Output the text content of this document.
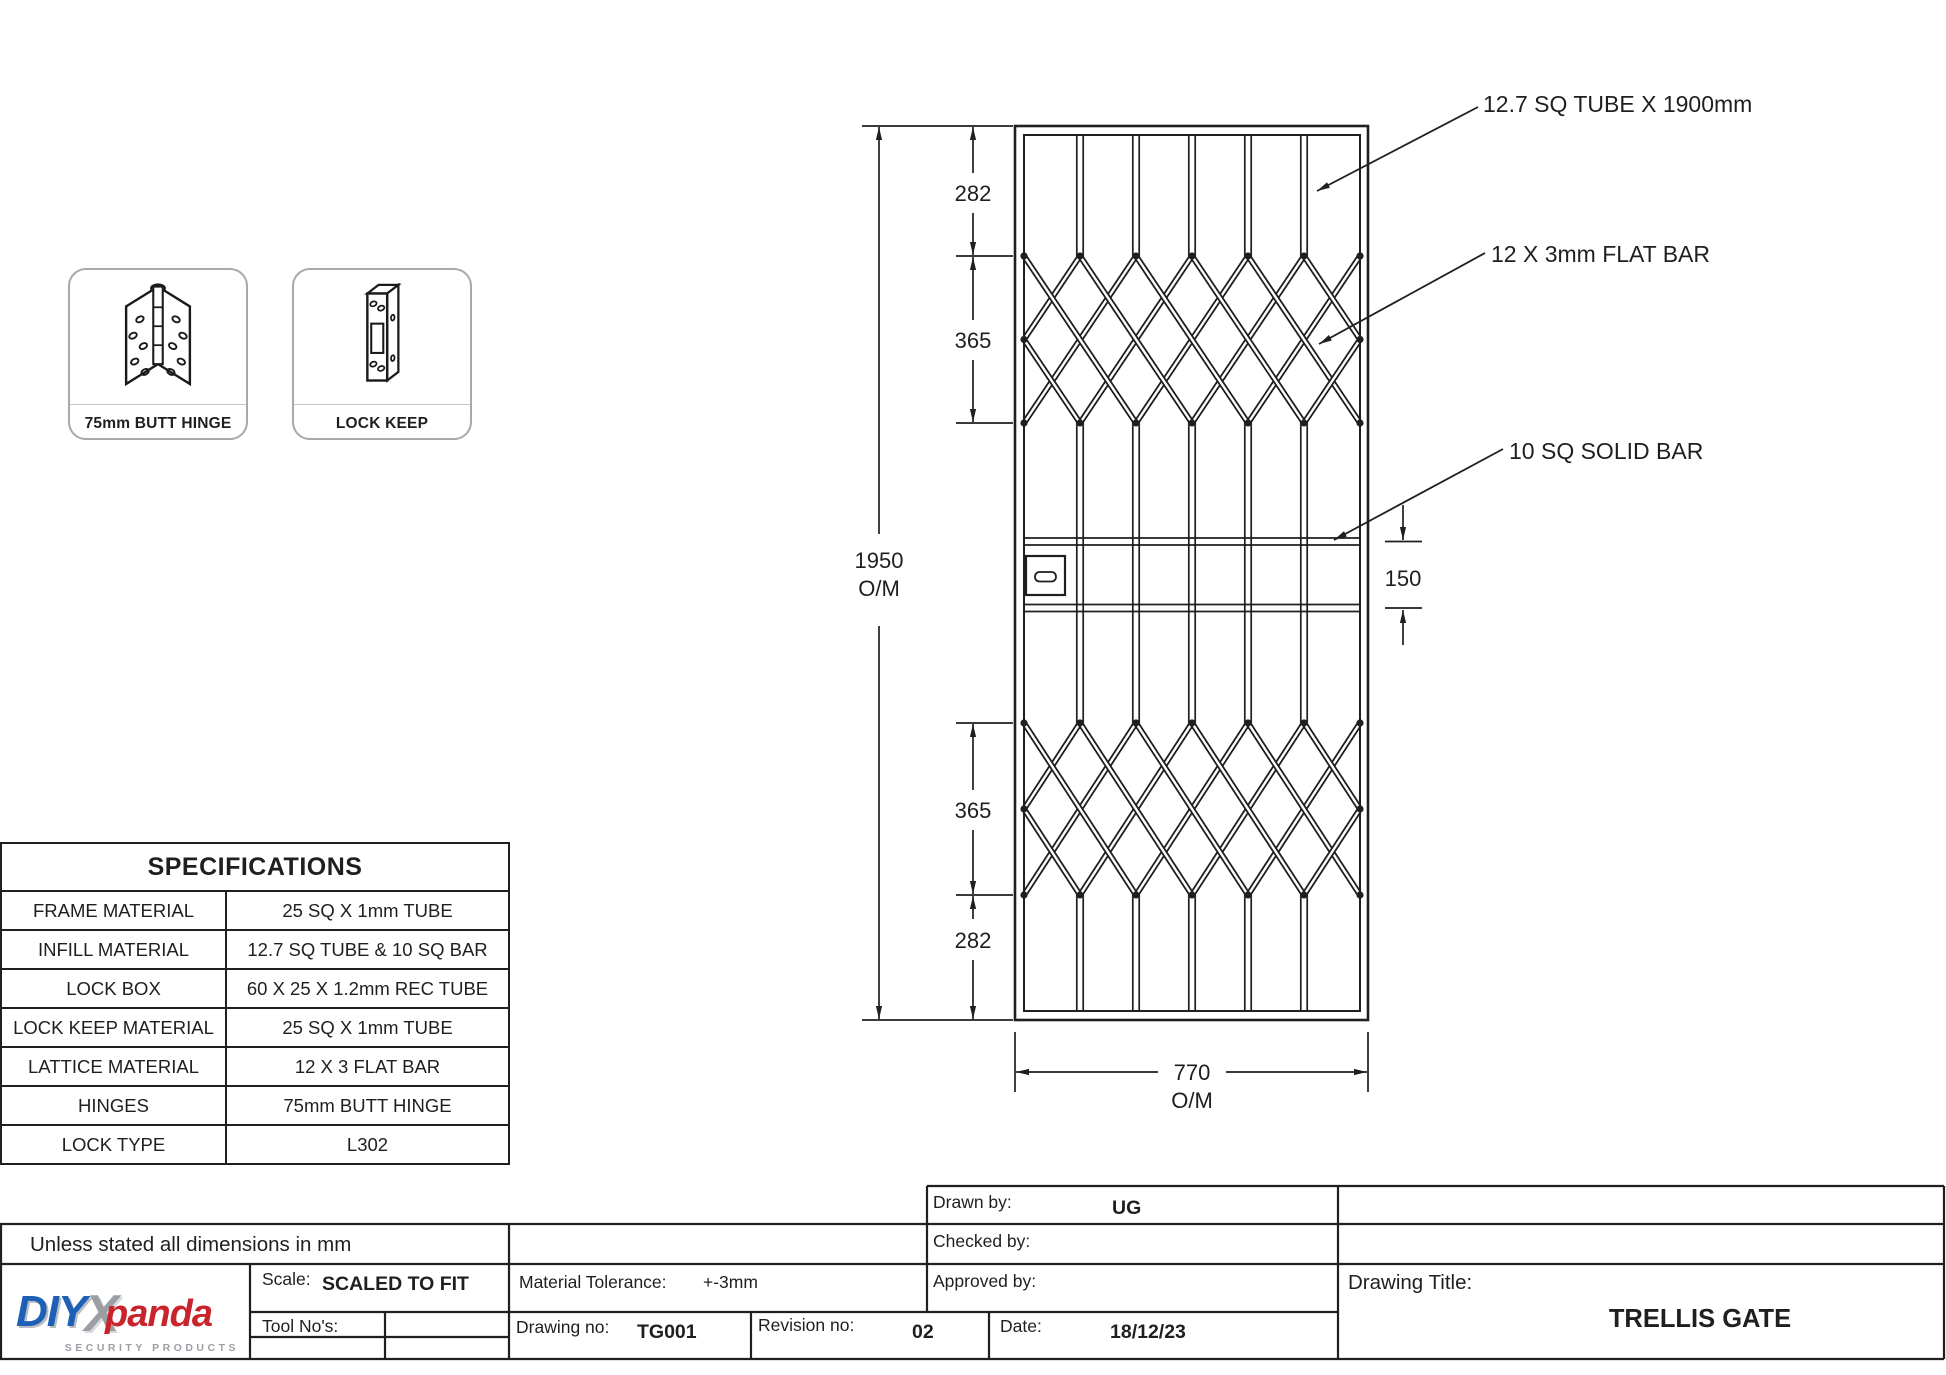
282
365
1950
O/M	150
365
282
770
O/M
12.7 SQ TUBE X 1900mm
12 X 3mm FLAT BAR
10 SQ SOLID BAR
Unless stated all dimensions in mm
Scale: SCALED TO FIT
Tool No's:
Material Tolerance: +-3mm
Drawing no: TG001	Revision no:	02	Date:	18/12/23
Drawn by:	UG
Checked by:
Approved by:	Drawing Title:
TRELLIS GATE
75mm BUTT HINGE	LOCK KEEP
SPECIFICATIONS	
FRAME MATERIAL	25 SQ X 1mm TUBE
INFILL MATERIAL	12.7 SQ TUBE & 10 SQ BAR
LOCK BOX	60 X 25 X 1.2mm REC TUBE
LOCK KEEP MATERIAL	25 SQ X 1mm TUBE
LATTICE MATERIAL	12 X 3 FLAT BAR
HINGES	75mm BUTT HINGE
LOCK TYPE	L302
DIYXpanda
SECURITY PRODUCTS
